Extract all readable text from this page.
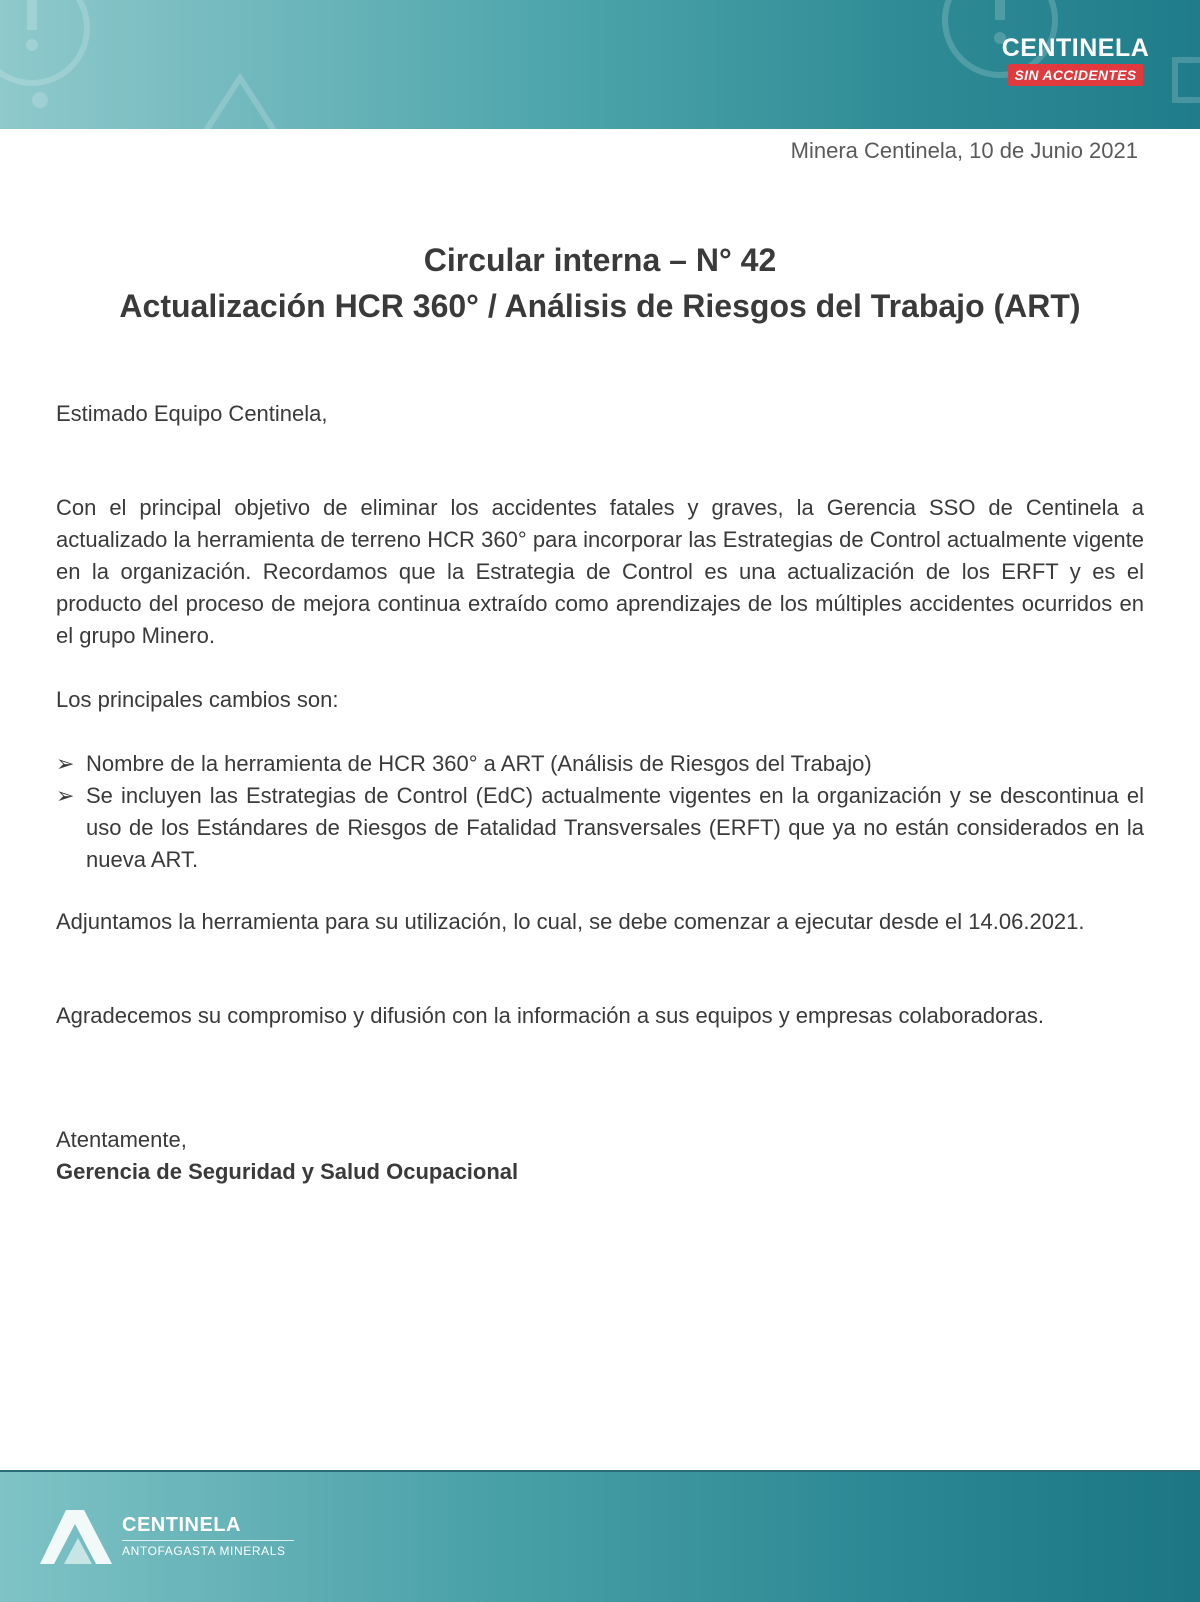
CENTINELA
SIN ACCIDENTES
Minera Centinela, 10 de Junio 2021
Circular interna – N° 42
Actualización HCR 360° / Análisis de Riesgos del Trabajo (ART)
Estimado Equipo Centinela,
Con el principal objetivo de eliminar los accidentes fatales y graves, la Gerencia SSO de Centinela a actualizado la herramienta de terreno HCR 360° para incorporar las Estrategias de Control actualmente vigente en la organización. Recordamos que la Estrategia de Control es una actualización de los ERFT y es el producto del proceso de mejora continua extraído como aprendizajes de los múltiples accidentes ocurridos en el grupo Minero.
Los principales cambios son:
➢ Nombre de la herramienta de HCR 360° a ART (Análisis de Riesgos del Trabajo)
➢ Se incluyen las Estrategias de Control (EdC) actualmente vigentes en la organización y se descontinua el uso de los Estándares de Riesgos de Fatalidad Transversales (ERFT) que ya no están considerados en la nueva ART.
Adjuntamos la herramienta para su utilización, lo cual, se debe comenzar a ejecutar desde el 14.06.2021.
Agradecemos su compromiso y difusión con la información a sus equipos y empresas colaboradoras.
Atentamente,
Gerencia de Seguridad y Salud Ocupacional
CENTINELA
ANTOFAGASTA MINERALS
